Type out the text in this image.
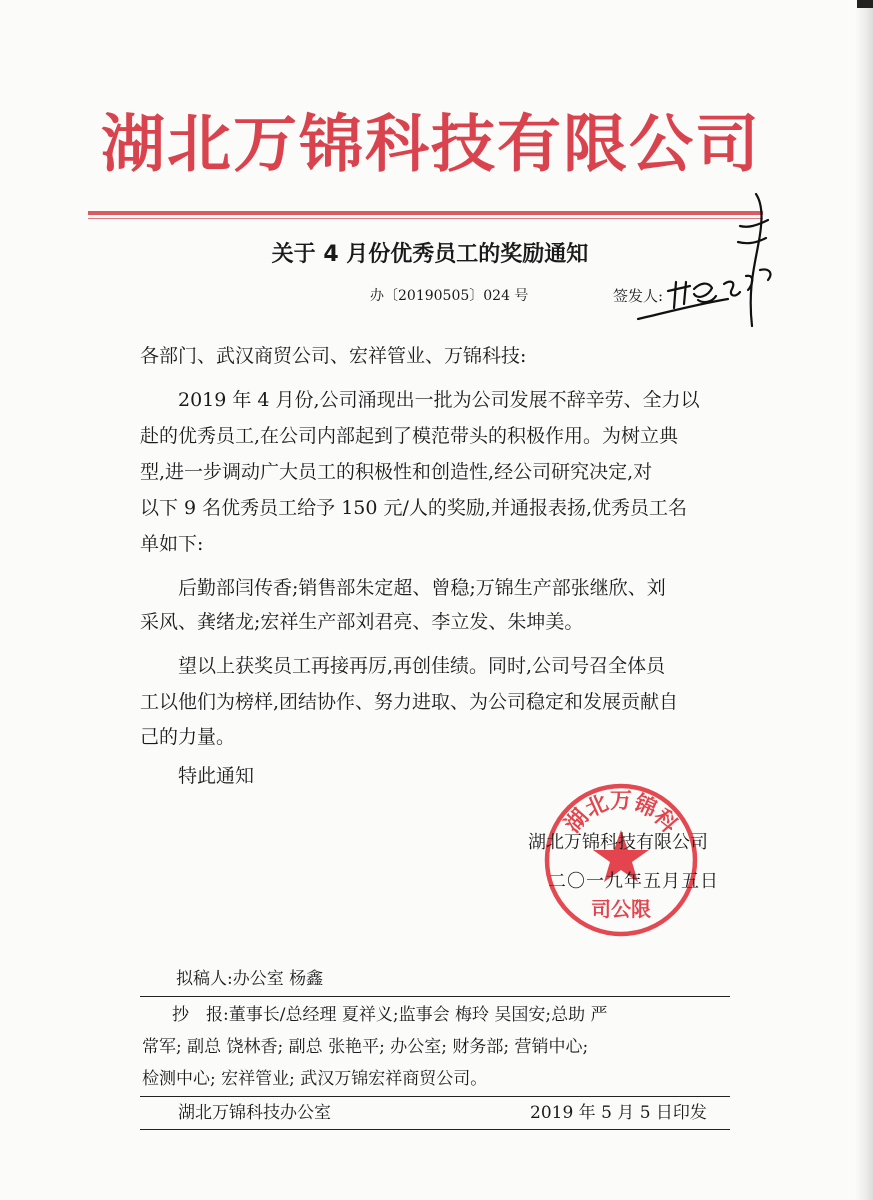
湖北万锦科技有限公司
关于 4 月份优秀员工的奖励通知
办〔20190505〕024 号	签发人:
各部门、武汉商贸公司、宏祥管业、万锦科技:
　　2019 年 4 月份,公司涌现出一批为公司发展不辞辛劳、全力以
赴的优秀员工,在公司内部起到了模范带头的积极作用。为树立典
型,进一步调动广大员工的积极性和创造性,经公司研究决定,对
以下 9 名优秀员工给予 150 元/人的奖励,并通报表扬,优秀员工名
单如下:
　　后勤部闫传香;销售部朱定超、曾稳;万锦生产部张继欣、刘
采风、龚绪龙;宏祥生产部刘君亮、李立发、朱坤美。
　　望以上获奖员工再接再厉,再创佳绩。同时,公司号召全体员
工以他们为榜样,团结协作、努力进取、为公司稳定和发展贡献自
己的力量。
　　特此通知
湖北万锦科
司公限
湖北万锦科技有限公司
二〇一九年五月五日
拟稿人:办公室 杨鑫
抄　报:董事长/总经理 夏祥义;监事会 梅玲 吴国安;总助 严
常军; 副总 饶林香; 副总 张艳平; 办公室; 财务部; 营销中心;
检测中心; 宏祥管业; 武汉万锦宏祥商贸公司。
湖北万锦科技办公室	2019 年 5 月 5 日印发
